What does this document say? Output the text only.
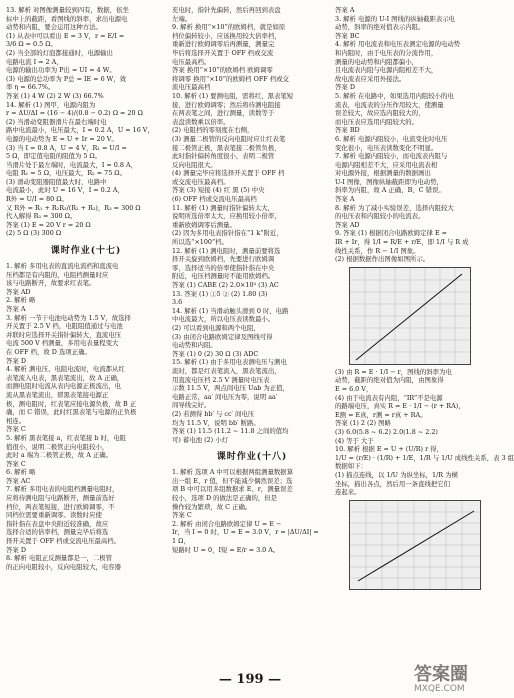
13. 解析 对图像测量较到四有，数据，依坐
标中上的截距，看图线的斜率，求出电源电
动势和内阻，要会运用这种方法。
(1) 从表中可以看出 E = 3 V，r = E/I =
3/6 Ω = 0.5 Ω。
(2) 当全部的灯泡都接通时，电源输出
电路电流 I = 2 A，
电源的输出功率为 P出 = UI = 4 W。
(3) 电源的总功率为 P总 = IE = 6 W，效
率 η = 66.7%。
答案 (1) 4 W (2) 2 W (3) 66.7%
14. 解析 (1) 图甲，电源内阻为
r = ΔU/ΔI = (16 − 4)/(0.8 − 0.2) Ω = 20 Ω
(2) 当滑动变阻器滑片在最右端时电
路中电流最小，电压最大，I = 0.2 A，U = 16 V，
电源的电动势为 E = U + Ir = 20 V。
(3) 当 I = 0.8 A，U = 4 V，R₁ = U/I =
5 Ω，即定值电阻的阻值为 5 Ω。
当滑片处于最左端时，电流最大，I = 0.8 A，
电阻 R₁ = 5 Ω，电压最大，R₂ = 75 Ω。
(3) 滑动变阻器阻值最大时，电路中
电流最小，此时 U = 16 V，I = 0.2 A，
R外 = U/I = 80 Ω。
又 R外 = R₁ + R₂R₃/(R₂ + R₃)，R₃ = 300 Ω
代入解得 R₃ = 300 Ω。
答案 (1) E = 20 V r = 20 Ω
(2) 5 Ω (3) 300 Ω
课时作业(十七)
1. 解析 多用电表的直流电流档和直流电
压档都是有内阻的，电阻档测量时应
该与电路断开，故要求红表笔。
答案 AD
2. 解析 略
答案 A
3. 解析 一节干电池电动势为 1.5 V，故选择
开关置于 2.5 V 档，电阻阻值通过与电池
并联时应选择开关指针偏转大，直流电压
电流 500 V 档测量，多用电表量程变大
在 OFF 档，故 D 选项正确。
答案 D
4. 解析 测电压、电阻电流时，电流都从红
表笔流入电表，黑表笔流出，故 A 正确，
而测电阻时电流从表内电源正极流出，电
流从黑表笔流出，即黑表笔接电源正
极，测电阻时，红表笔应接电源负极，故 B 正
确，而 C 错误，此时红黑表笔与电源的正负极
相连。
答案 C
5. 解析 黑表笔接 a，红表笔接 b 时，电阻
值很小，说明二极管正向电阻较小，
此时 a 端为二极管正极，故 A 正确。
答案 C
6. 解析 略
答案 AC
7. 解析 多用电表的电阻档测量电阻时，
应将待测电阻与电路断开，测量前选好
档位，两表笔短接，进行欧姆调零，不
同档位需要重新调零。读数时应使
指针指在表盘中央附近较准确，故应
选择合适的倍率档，测量完毕后将选
择开关置于 OFF 档或交流电压最高档。
答案 D
8. 解析 电阻正反测量都是一，二极管
的正向电阻较小，反向电阻较大，电容器
充电时，指针先偏转，然后再回到表盘
左端。
9. 解析 换用“×10”的欧姆档，就是如原
档位偏转较小，应该换用较大倍率档，
重新进行欧姆调零后再测量，测量完
毕后将选择开关置于 OFF 档或交流
电压最高档。
答案 换用“×10”的欧姆档 欧姆调零
将调零 换用“×10”的欧姆档 OFF 档或交
流电压最高档
10. 解析 (1) 要测电阻，需将红、黑表笔短
接，进行欧姆调零；然后将待测电阻接
在两表笔之间，进行测量，读数等于
表盘读数乘以倍率。
(2) 电阻档的零刻度在右侧，
(3) 测量二极管的反向电阻时应让红表笔
接二极管正极，黑表笔接二极管负极，
此时指针偏转角度很小，表明二极管
反向电阻很大。
(4) 测量完毕应将选择开关置于 OFF 档
或交流电压最高档。
答案 (3) 短接 (4) 红 黑 (5) 中央
(6) OFF 档或交流电压最高档
11. 解析 (1) 测量时指针偏转太大，
说明所选倍率太大，应换用较小倍率，
重新欧姆调零后测量。
(2) 因为多用电表指针指在“1 k”附近，
所以选“×100”档。
12. 解析 (1) 测电阻时，测量前要将选
择开关旋到欧姆档，先要进行欧姆调
零，选择适当的倍率使指针指在中央
附近，电压档测量时不能用欧姆档。
答案 (1) CABE (2) 2.0×10³ (3) AC
13. 答案 (1) ①5 ② (2) 1.80 (3)
3.6
14. 解析 (1) 当滑动触头滑到 0 时，电路
中电流最大，所以电压表读数最小。
(2) 可以看到电源和两个电阻，
(3) 由闭合电路欧姆定律及图线可得
电动势和内阻。
答案 (1) 0 (2) 30 Ω (3) ADC
15. 解析 (1) 由于多用电表测电压与测电
流时，都是红表笔流入，黑表笔流出，
用直流电压档 2.5 V 测量时电压表
示数 11.5 V，两点间电压 Uab 为正值，
电路正常，aa′ 间电压为零，说明 aa′
间导线完好。
(2) 若测得 bb′ 与 cc′ 间电压
均为 11.5 V，说明 bb′ 断路。
答案 (1) 11.5 (11.2 ~ 11.8 之间的值均
可) 蓄电池 (2) 小灯
课时作业(十八)
1. 解析 选项 A 中可以根据两组测量数据算
出一组 E、r 值，但不能减少偶然误差；选
项 B 中可以用多组数据求 E、r，测量误差
较小，选项 D 的做法是正确的，但是
操作较为繁琐，故 C 正确。
答案 C
2. 解析 由闭合电路欧姆定律 U = E −
Ir，当 I = 0 时，U = E = 3.0 V，r = |ΔU/ΔI| =
1 Ω，
短路时 U = 0，I短 = E/r = 3.0 A。
答案 A
3. 解析 电源的 U-I 图线的纵轴截距表示电
动势，斜率的绝对值表示内阻。
答案 BC
4. 解析 用电流表和电压表测定电源的电动势
和内阻时，由于电压表的分流作用，
测量的电动势和内阻都偏小，
且电流表内阻与电源内阻相差不大，
故电流表应采用外接法。
答案 D
5. 解析 在电路中，如果选用内阻较小的电
流表，电流表的分压作用较大，使测量
误差较大，故应选内阻较大的，
而电压表应选用内阻较大的。
答案 BD
6. 解析 电源内阻较小，电流变化时电压
变化很小，电压表读数变化不明显。
7. 解析 电源内阻较小，而电流表内阻与
电源内阻相差不大，应采用电流表相
对电源外接，根据测量的数据画出
U-I 图像，图像纵轴截距即为电动势，
斜率为内阻，故 A 正确，B、C 错误。
答案 A
8. 解析 为了减小实验误差，选择内阻较大
的电压表和内阻较小的电流表。
答案 AD
9. 答案 (1) 根据闭合电路欧姆定律 E =
IR + Ir，得 1/I = R/E + r/E，即 1/I 与 R 成
线性关系，作 R − 1/I 图象。
(2) 根据数据作出图像如图所示。
(3) 由 R = E · 1/I − r，图线的斜率为电
动势，截距的绝对值为内阻，由图象得
E = 6.0 V，
(4) 由于电流表有内阻，“IR”不是电源
的路端电压，真实 R = E · 1/I − (r + RA)，
E测 = E真，r测 = r真 + RA。
答案 (1) 2 (2) 图略
(3) 6.0(5.8 ~ 6.2) 2.0(1.8 ~ 2.2)
(4) 等于 大于
10. 解析 根据 E = U + (U/R) r 得，
1/U = (r/E) · (1/R) + 1/E，1/R 与 1/U 成线性关系，表 3 组
数据如下：
(1) 描点连线，以 1/U 为纵坐标，1/R 为横
坐标，描出各点，然后用一条直线把它们
连起来。
— 199 —	答案圈
MXQE.COM
